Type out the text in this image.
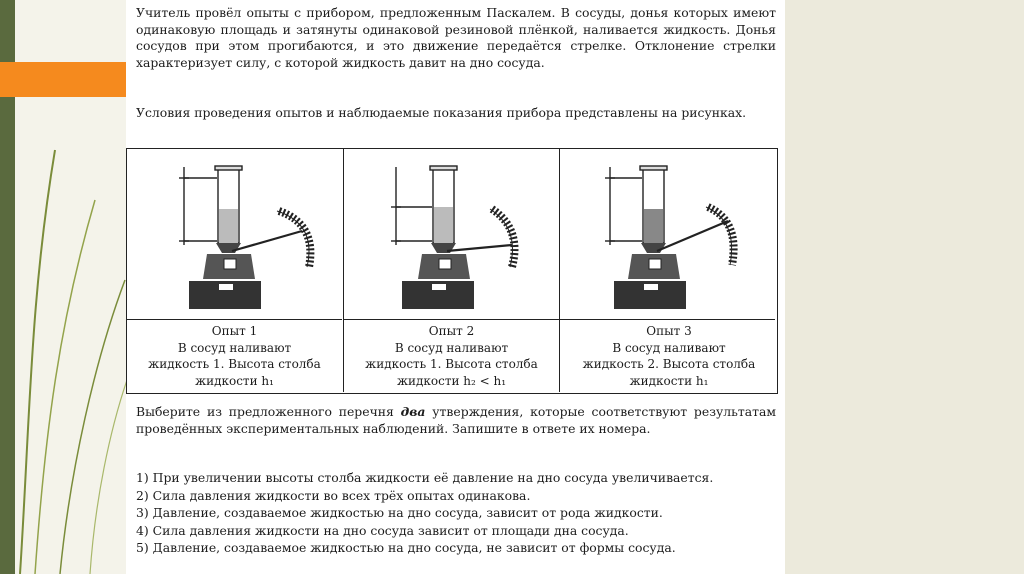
Учитель провёл опыты с прибором, предложенным Паскалем. В сосуды, донья которых имеют одинаковую площадь и затянуты одинаковой резиновой плёнкой, наливается жидкость. Донья сосудов при этом прогибаются, и это движение передаётся стрелке. Отклонение стрелки характеризует силу, с которой жидкость давит на дно сосуда.
Условия проведения опытов и наблюдаемые показания прибора представлены на рисунках.
Опыт 1
В сосуд наливают
жидкость 1. Высота столба
жидкости h₁
Опыт 2
В сосуд наливают
жидкость 1. Высота столба
жидкости h₂ < h₁
Опыт 3
В сосуд наливают
жидкость 2. Высота столба
жидкости h₁
Выберите из предложенного перечня два утверждения, которые соответствуют результатам проведённых экспериментальных наблюдений. Запишите в ответе их номера.
1) При увеличении высоты столба жидкости её давление на дно сосуда увеличивается.
2) Сила давления жидкости во всех трёх опытах одинакова.
3) Давление, создаваемое жидкостью на дно сосуда, зависит от рода жидкости.
4) Сила давления жидкости на дно сосуда зависит от площади дна сосуда.
5) Давление, создаваемое жидкостью на дно сосуда, не зависит от формы сосуда.
